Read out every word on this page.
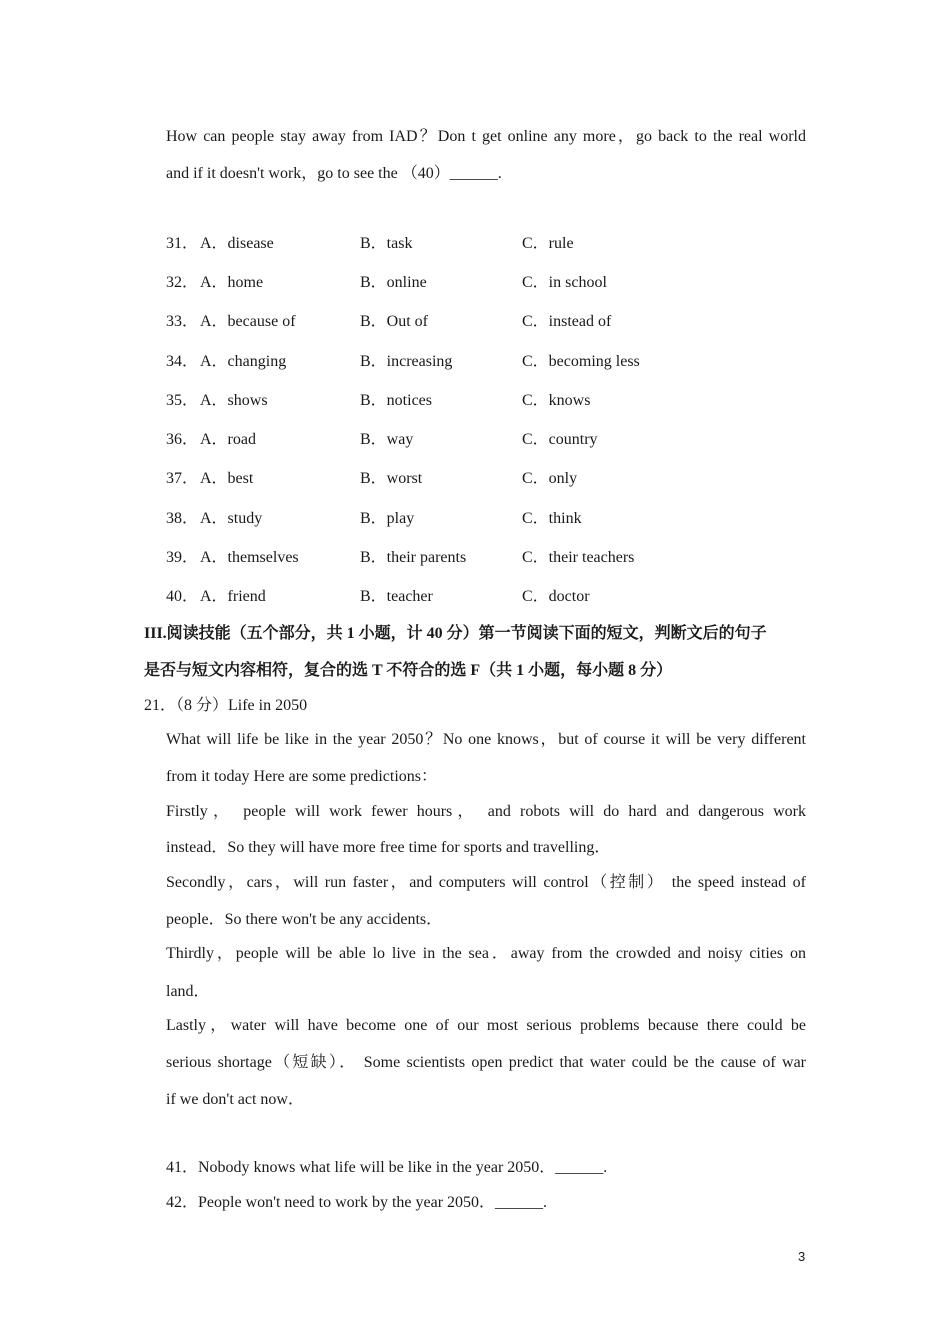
How can people stay away from IAD？Don t get online any more，go back to the real world
and if it doesn't work，go to see the （40）______.
31． A．disease	B．task	C．rule
32． A．home	B．online	C．in school
33． A．because of	B．Out of	C．instead of
34． A．changing	B．increasing	C．becoming less
35． A．shows	B．notices	C．knows
36． A．road	B．way	C．country
37． A．best	B．worst	C．only
38． A．study	B．play	C．think
39． A．themselves	B．their parents	C．their teachers
40． A．friend	B．teacher	C．doctor
III.阅读技能（五个部分，共 1 小题，计 40 分）第一节阅读下面的短文，判断文后的句子
是否与短文内容相符，复合的选 T 不符合的选 F（共 1 小题，每小题 8 分）
21．（8 分）Life in 2050
What will life be like in the year 2050？No one knows，but of course it will be very different
from it today Here are some predictions：
Firstly， people will work fewer hours， and robots will do hard and dangerous work
instead．So they will have more free time for sports and travelling．
Secondly，cars，will run faster，and computers will control（控制） the speed instead of
people．So there won't be any accidents．
Thirdly，people will be able lo live in the sea．away from the crowded and noisy cities on
land．
Lastly，water will have become one of our most serious problems because there could be
serious shortage（短缺）． Some scientists open predict that water could be the cause of war
if we don't act now．
41．Nobody knows what life will be like in the year 2050．______.
42．People won't need to work by the year 2050．______.
3
